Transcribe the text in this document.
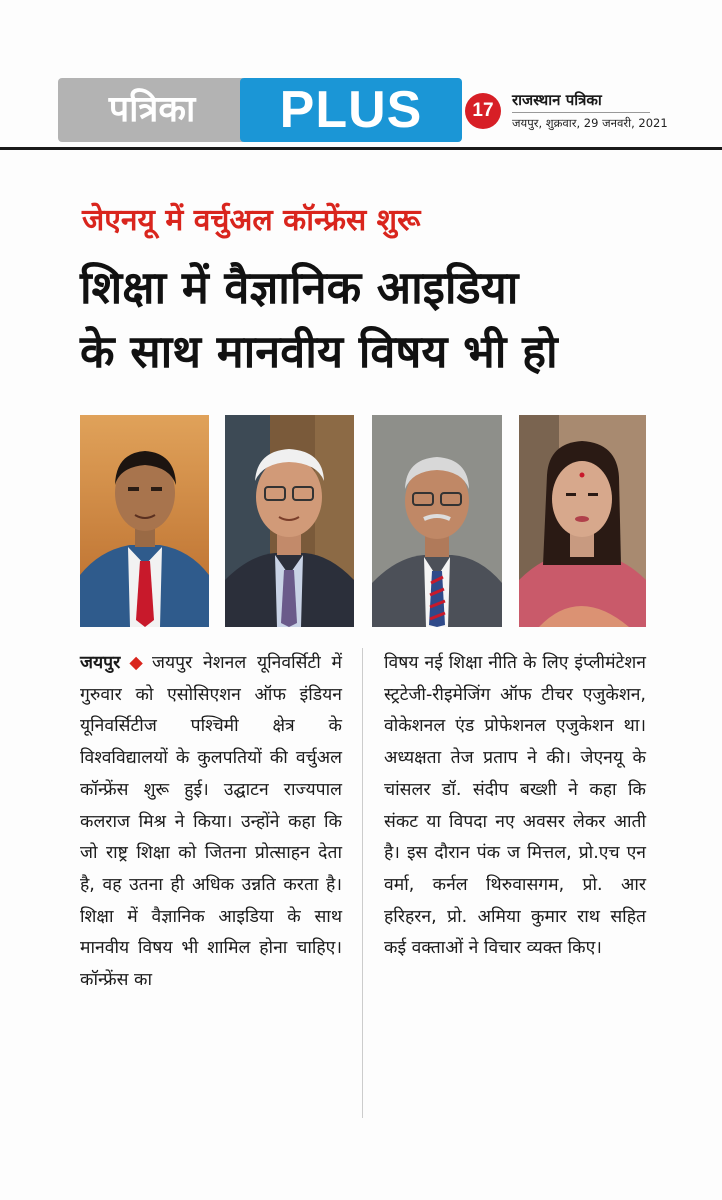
पत्रिका	PLUS	17	राजस्थान पत्रिका
जयपुर, शुक्रवार, 29 जनवरी, 2021
जेएनयू में वर्चुअल कॉन्फ्रेंस शुरू
शिक्षा में वैज्ञानिक आइडिया
के साथ मानवीय विषय भी हो
जयपुर ◆ जयपुर नेशनल यूनिवर्सिटी में गुरुवार को एसोसिएशन ऑफ इंडियन यूनिवर्सिटीज पश्चिमी क्षेत्र के विश्वविद्यालयों के कुलपतियों की वर्चुअल कॉन्फ्रेंस शुरू हुई। उद्घाटन राज्यपाल कलराज मिश्र ने किया। उन्होंने कहा कि जो राष्ट्र शिक्षा को जितना प्रोत्साहन देता है, वह उतना ही अधिक उन्नति करता है। शिक्षा में वैज्ञानिक आइडिया के साथ मानवीय विषय भी शामिल होना चाहिए। कॉन्फ्रेंस का
विषय नई शिक्षा नीति के लिए इंप्लीमंटेशन स्ट्रटेजी-रीइमेजिंग ऑफ टीचर एजुकेशन, वोकेशनल एंड प्रोफेशनल एजुकेशन था। अध्यक्षता तेज प्रताप ने की। जेएनयू के चांसलर डॉ. संदीप बख्शी ने कहा कि संकट या विपदा नए अवसर लेकर आती है। इस दौरान पंक ज मित्तल, प्रो.एच एन वर्मा, कर्नल थिरुवासगम, प्रो. आर हरिहरन, प्रो. अमिया कुमार राथ सहित कई वक्ताओं ने विचार व्यक्त किए।
